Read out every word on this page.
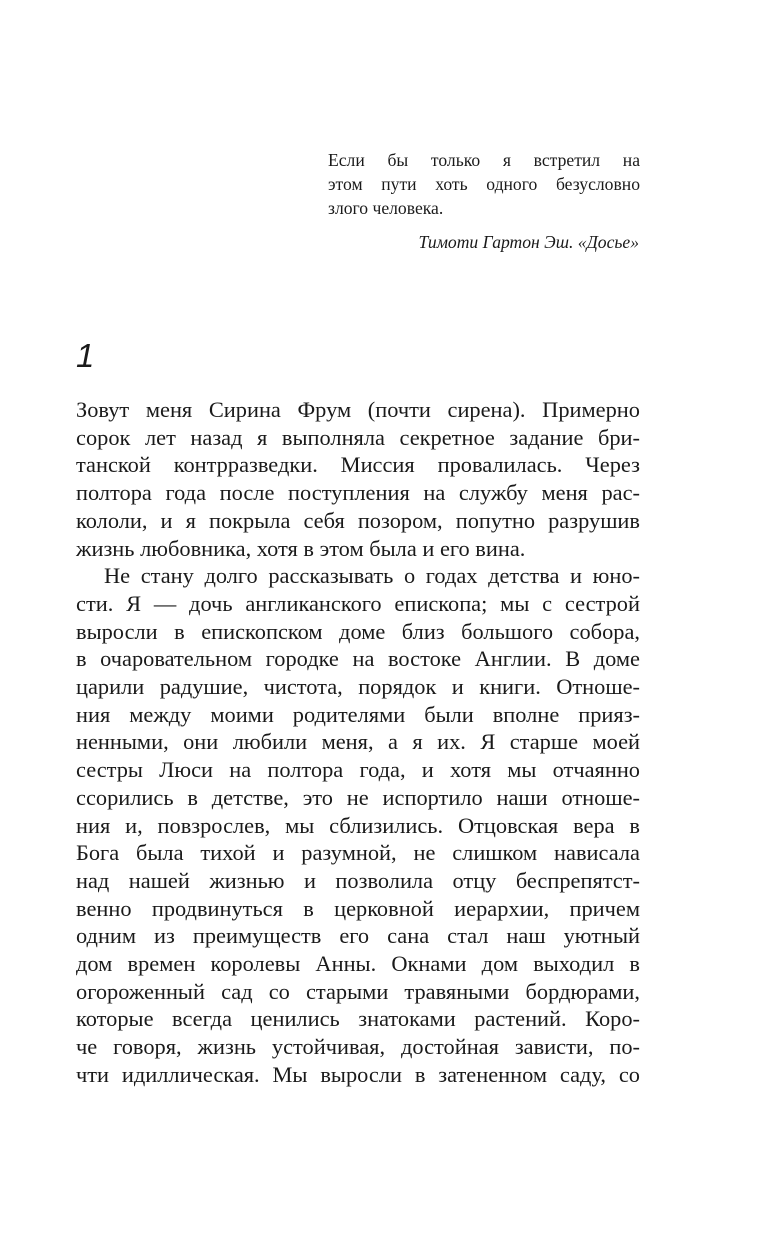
Если бы только я встретил на
этом пути хоть одного безусловно
злого человека.
Тимоти Гартон Эш. «Досье»
1
Зовут меня Сирина Фрум (почти сирена). Примерно
сорок лет назад я выполняла секретное задание бри-
танской контрразведки. Миссия провалилась. Через
полтора года после поступления на службу меня рас-
кололи, и я покрыла себя позором, попутно разрушив
жизнь любовника, хотя в этом была и его вина.
Не стану долго рассказывать о годах детства и юно-
сти. Я — дочь англиканского епископа; мы с сестрой
выросли в епископском доме близ большого собора,
в очаровательном городке на востоке Англии. В доме
царили радушие, чистота, порядок и книги. Отноше-
ния между моими родителями были вполне прияз-
ненными, они любили меня, а я их. Я старше моей
сестры Люси на полтора года, и хотя мы отчаянно
ссорились в детстве, это не испортило наши отноше-
ния и, повзрослев, мы сблизились. Отцовская вера в
Бога была тихой и разумной, не слишком нависала
над нашей жизнью и позволила отцу беспрепятст-
венно продвинуться в церковной иерархии, причем
одним из преимуществ его сана стал наш уютный
дом времен королевы Анны. Окнами дом выходил в
огороженный сад со старыми травяными бордюрами,
которые всегда ценились знатоками растений. Коро-
че говоря, жизнь устойчивая, достойная зависти, по-
чти идиллическая. Мы выросли в затененном саду, со
